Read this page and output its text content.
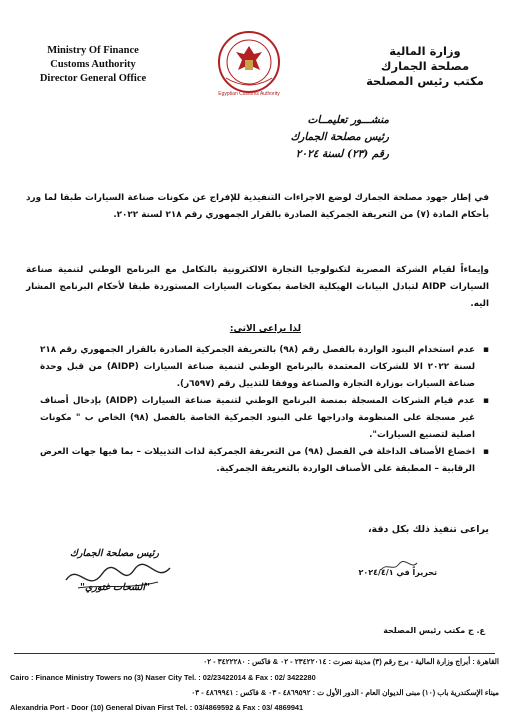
Ministry Of Finance
Customs Authority
Director General Office
Egyptian Customs Authority
وزارة المالية
مصلحة الجمارك
مكتب رئيس المصلحة
منشـــور تعليمــات
رئيس مصلحة الجمارك
رقم (٢٣) لسنة ٢٠٢٤
في إطار جهود مصلحة الجمارك لوضع الاجراءات التنفيذية للإفراج عن مكونات صناعة السيارات طبقا لما ورد بأحكام المادة (٧) من التعريفة الجمركية الصادرة بالقرار الجمهوري رقم ٢١٨ لسنة ٢٠٢٢.
وإيماءاً لقيام الشركة المصرية لتكنولوجيا التجارة الالكترونية بالتكامل مع البرنامج الوطني لتنمية صناعة السيارات AIDP لتبادل البيانات الهيكلية الخاصة بمكونات السيارات المستوردة طبقا لأحكام البرنامج المشار اليه.
لذا يراعى الاتي:
▪ عدم استخدام البنود الواردة بالفصل رقم (٩٨) بالتعريفة الجمركية الصادرة بالقرار الجمهوري رقم ٢١٨ لسنة ٢٠٢٢ الا للشركات المعتمدة بالبرنامج الوطني لتنمية صناعة السيارات (AIDP) من قبل وحدة صناعة السيارات بوزارة التجارة والصناعة ووفقا للتذييل رقم (٦٥٩٧ر).
▪ عدم قيام الشركات المسجلة بمنصة البرنامج الوطني لتنمية صناعة السيارات (AIDP) بإدخال أصناف غير مسجلة على المنظومة وادراجها على البنود الجمركية الخاصة بالفصل (٩٨) الخاص ب " مكونات اصلية لتصنيع السيارات".
▪ اخضاع الأصناف الداخلة في الفصل (٩٨) من التعريفة الجمركية لذات التذييلات – بما فيها جهات العرض الرقابية – المطبقة على الأصناف الواردة بالتعريفة الجمركية.
يراعى تنفيذ ذلك بكل دقة،
رئيس مصلحة الجمارك
"الشحات غتوري"
تحريراً في ٢٠٢٤/٤/١
ع. ج مكتب رئيس المصلحة
القاهرة : أبراج وزارة المالية - برج رقم (٣) مدينة نصرت : ٢٣٤٢٢٠١٤ - ٠٢ & فاكس : ٣٤٢٢٢٨٠ - ٠٢
Cairo : Finance Ministry Towers no (3) Naser City Tel. : 02/23422014 & Fax : 02/ 3422280
ميناء الإسكندرية باب (١٠) مبنى الديوان العام - الدور الأول ت : ٤٨٦٩٥٩٢ - ٠٣ & فاكس : ٤٨٦٩٩٤١ - ٠٣
Alexandria Port - Door (10) General Divan First Tel. : 03/4869592 & Fax : 03/ 4869941
